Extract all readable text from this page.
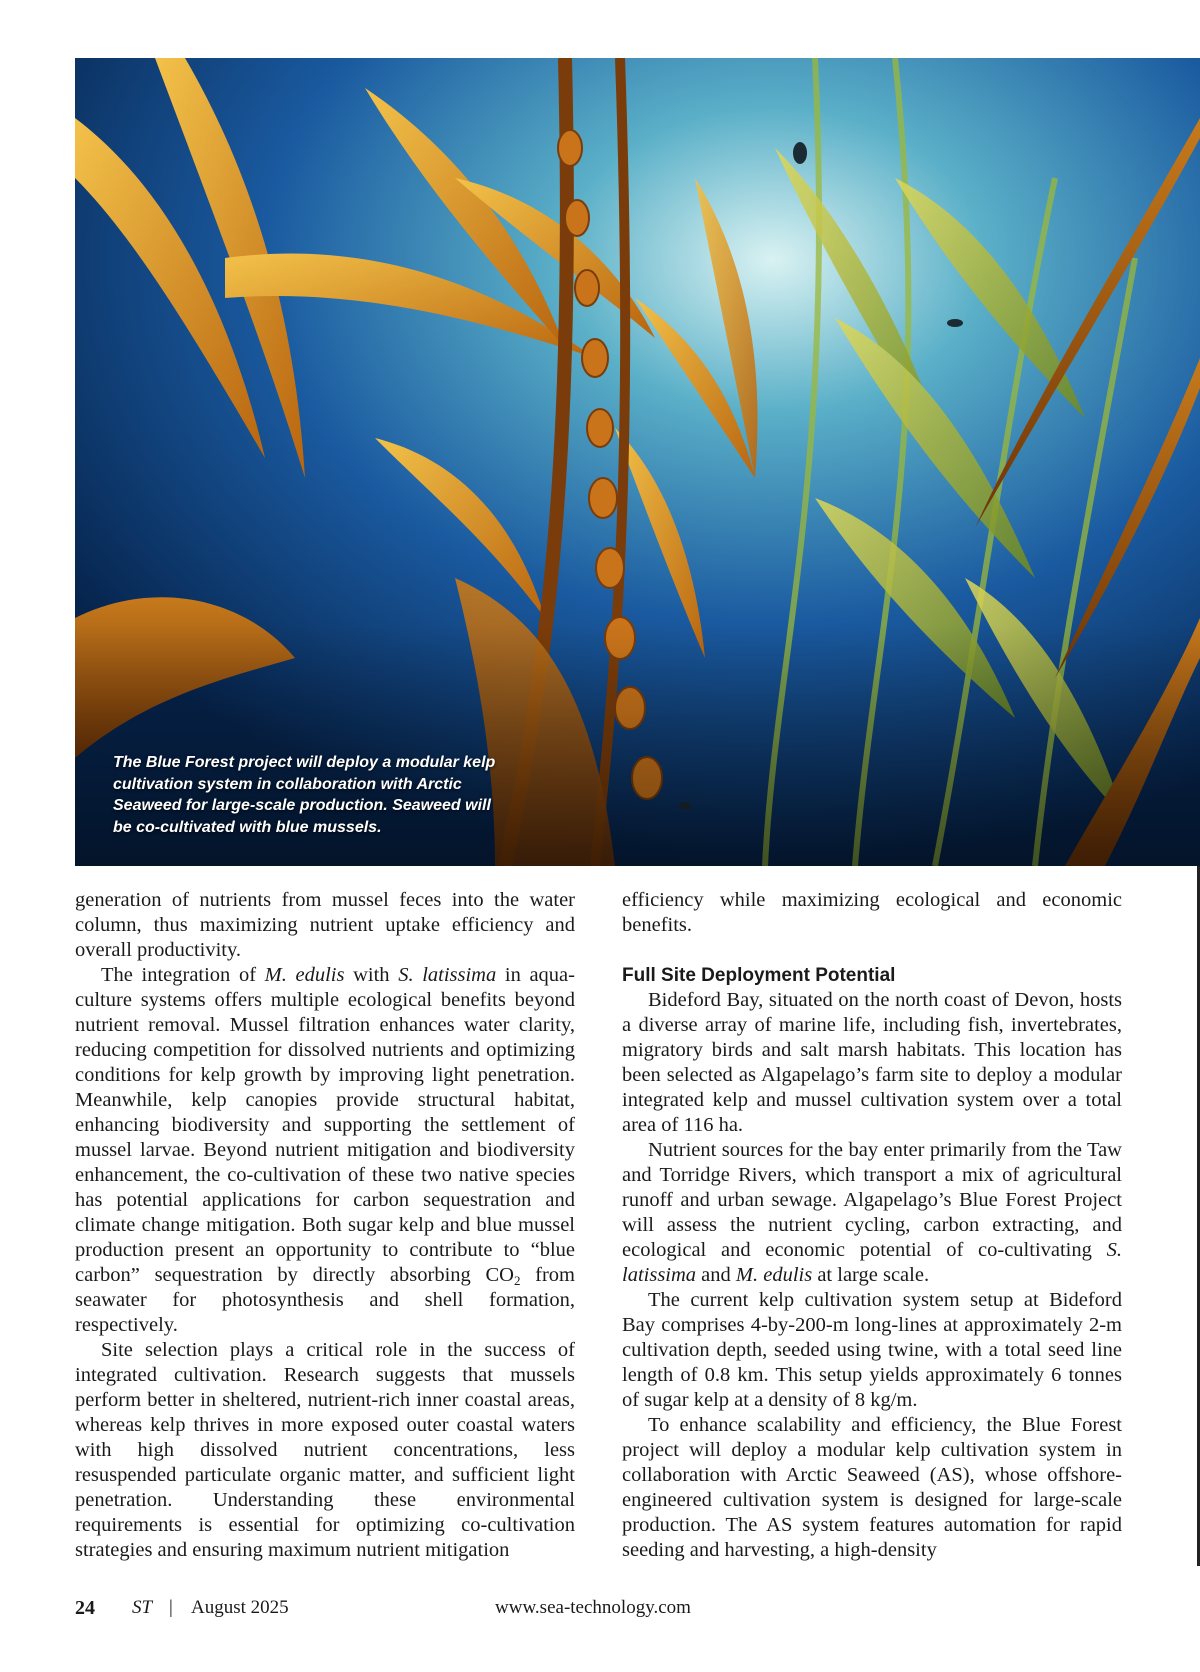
The Blue Forest project will deploy a modular kelp cultivation system in collaboration with Arctic Seaweed for large-scale production. Seaweed will be co-cultivated with blue mussels.

generation of nutrients from mussel feces into the water column, thus maximizing nutrient uptake efficiency and overall productivity.

The integration of M. edulis with S. latissima in aquaculture systems offers multiple ecological benefits beyond nutrient removal. Mussel filtration enhances water clarity, reducing competition for dissolved nutrients and optimizing conditions for kelp growth by improving light penetration. Meanwhile, kelp canopies provide structural habitat, enhancing biodiversity and supporting the settlement of mussel larvae. Beyond nutrient mitigation and biodiversity enhancement, the co-cultivation of these two native species has potential applications for carbon sequestration and climate change mitigation. Both sugar kelp and blue mussel production present an opportunity to contribute to “blue carbon” sequestration by directly absorbing $CO_2$ from seawater for photosynthesis and shell formation, respectively.

Site selection plays a critical role in the success of integrated cultivation. Research suggests that mussels perform better in sheltered, nutrient-rich inner coastal areas, whereas kelp thrives in more exposed outer coastal waters with high dissolved nutrient concentrations, less resuspended particulate organic matter, and sufficient light penetration. Understanding these environmental requirements is essential for optimizing co-cultivation strategies and ensuring maximum nutrient mitigation

efficiency while maximizing ecological and economic benefits.

Full Site Deployment Potential

Bideford Bay, situated on the north coast of Devon, hosts a diverse array of marine life, including fish, invertebrates, migratory birds and salt marsh habitats. This location has been selected as Algapelago’s farm site to deploy a modular integrated kelp and mussel cultivation system over a total area of 116 ha.

Nutrient sources for the bay enter primarily from the Taw and Torridge Rivers, which transport a mix of agricultural runoff and urban sewage. Algapelago’s Blue Forest Project will assess the nutrient cycling, carbon extracting, and ecological and economic potential of co-cultivating S. latissima and M. edulis at large scale.

The current kelp cultivation system setup at Bideford Bay comprises 4-by-200-m long-lines at approximately 2-m cultivation depth, seeded using twine, with a total seed line length of 0.8 km. This setup yields approximately 6 tonnes of sugar kelp at a density of 8 kg/m.

To enhance scalability and efficiency, the Blue Forest project will deploy a modular kelp cultivation system in collaboration with Arctic Seaweed (AS), whose offshore-engineered cultivation system is designed for large-scale production. The AS system features automation for rapid seeding and harvesting, a high-density

24 ST | August 2025	www.sea-technology.com
